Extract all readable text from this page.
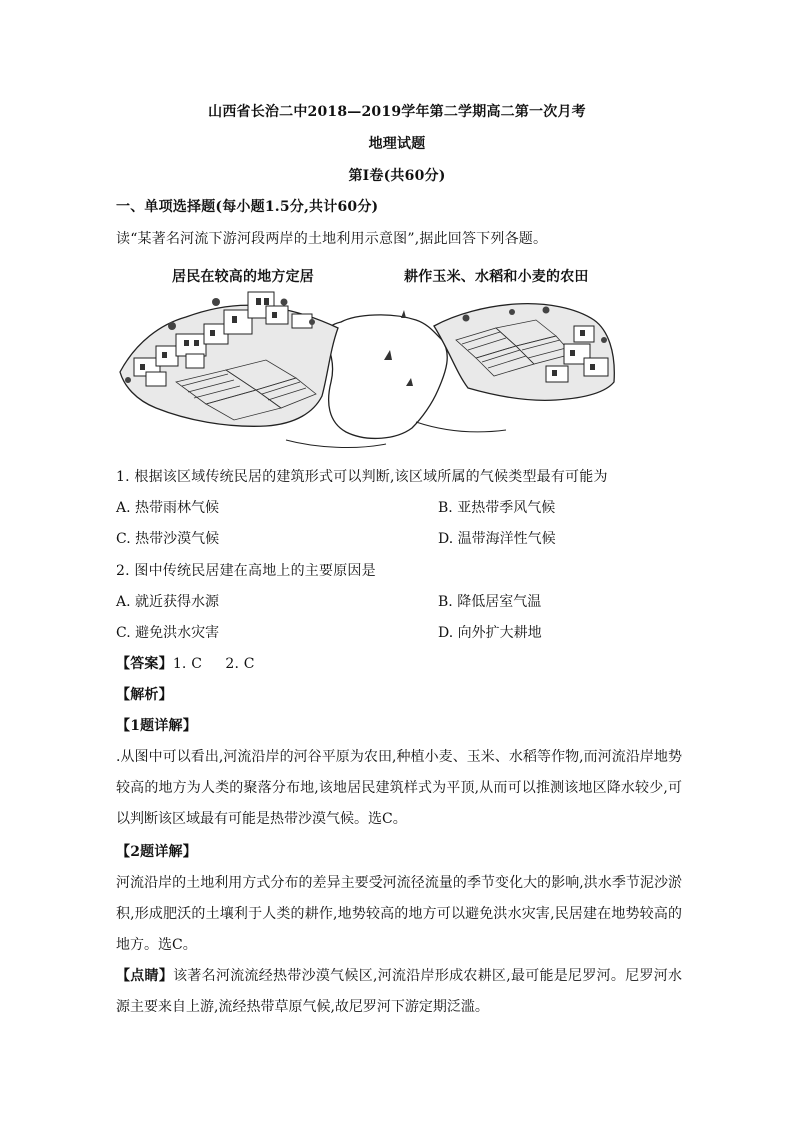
山西省长治二中2018—2019学年第二学期高二第一次月考
地理试题
第Ⅰ卷(共60分)
一、单项选择题(每小题1.5分,共计60分)
读“某著名河流下游河段两岸的土地利用示意图”,据此回答下列各题。
居民在较高的地方定居	耕作玉米、水稻和小麦的农田
1. 根据该区域传统民居的建筑形式可以判断,该区域所属的气候类型最有可能为
A. 热带雨林气候	B. 亚热带季风气候
C. 热带沙漠气候	D. 温带海洋性气候
2. 图中传统民居建在高地上的主要原因是
A. 就近获得水源	B. 降低居室气温
C. 避免洪水灾害	D. 向外扩大耕地
【答案】1. C     2. C
【解析】
【1题详解】
.从图中可以看出,河流沿岸的河谷平原为农田,种植小麦、玉米、水稻等作物,而河流沿岸地势较高的地方为人类的聚落分布地,该地居民建筑样式为平顶,从而可以推测该地区降水较少,可以判断该区域最有可能是热带沙漠气候。选C。
【2题详解】
河流沿岸的土地利用方式分布的差异主要受河流径流量的季节变化大的影响,洪水季节泥沙淤积,形成肥沃的土壤利于人类的耕作,地势较高的地方可以避免洪水灾害,民居建在地势较高的地方。选C。
【点睛】该著名河流流经热带沙漠气候区,河流沿岸形成农耕区,最可能是尼罗河。尼罗河水源主要来自上游,流经热带草原气候,故尼罗河下游定期泛滥。
